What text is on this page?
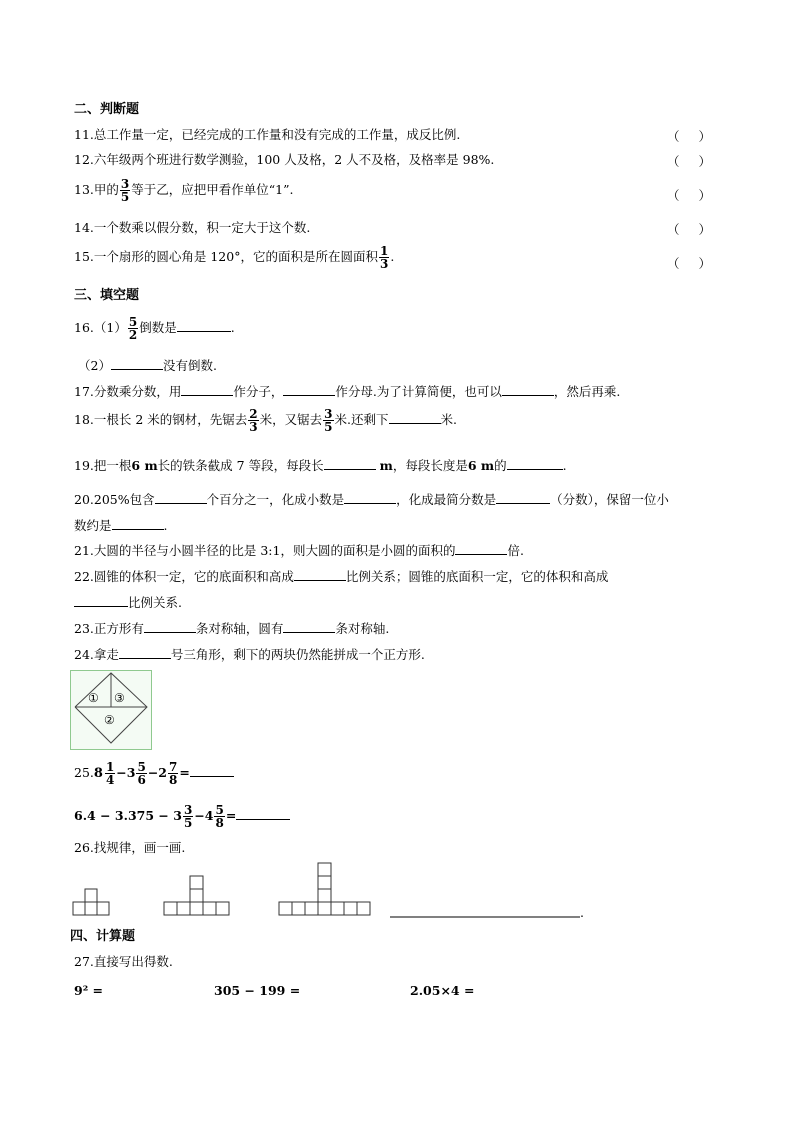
二、判断题
11.总工作量一定，已经完成的工作量和没有完成的工作量，成反比例.	（ ）
12.六年级两个班进行数学测验，100 人及格，2 人不及格，及格率是 98%.	（ ）
13.甲的 $\frac{3}{5}$ 等于乙，应把甲看作单位“1”.	（ ）
14.一个数乘以假分数，积一定大于这个数.	（ ）
15.一个扇形的圆心角是 120°，它的面积是所在圆面积 $\frac{1}{3}$ .	（ ）
三、填空题
$16.(1) \frac{5}{2}$ 倒数是	.
（2）	没有倒数.
17.分数乘分数，用	作分子，	作分母.为了计算简便，也可以	，然后再乘.
18.一根长 2 米的钢材，先锯去 $\frac{2}{3}$ 米，又锯去 $\frac{3}{5}$ 米.还剩下	米.
19.把一根6 m长的铁条截成 7 等段，每段长	m，每段长度是6 m的	.
20.205%包含	个百分之一，化成小数是	，化成最简分数是	（分数），保留一位小
数约是	.
21.大圆的半径与小圆半径的比是 3:1，则大圆的面积是小圆的面积的	倍.
22.圆锥的体积一定，它的底面积和高成	比例关系；圆锥的底面积一定，它的体积和高成
比例关系.
23.正方形有	条对称轴，圆有	条对称轴.
24.拿走	号三角形，剩下的两块仍然能拼成一个正方形.
① ③
②
25. $8 \frac{1}{4} -3 \frac{5}{6} -2 \frac{7}{8}$ =
$6.4 - 3.375 - 3 \frac{3}{5} -4 \frac{5}{8}$ =
26.找规律，画一画.
.
四、计算题
27.直接写出得数.
9² =	305 − 199 =	2.05×4 =
